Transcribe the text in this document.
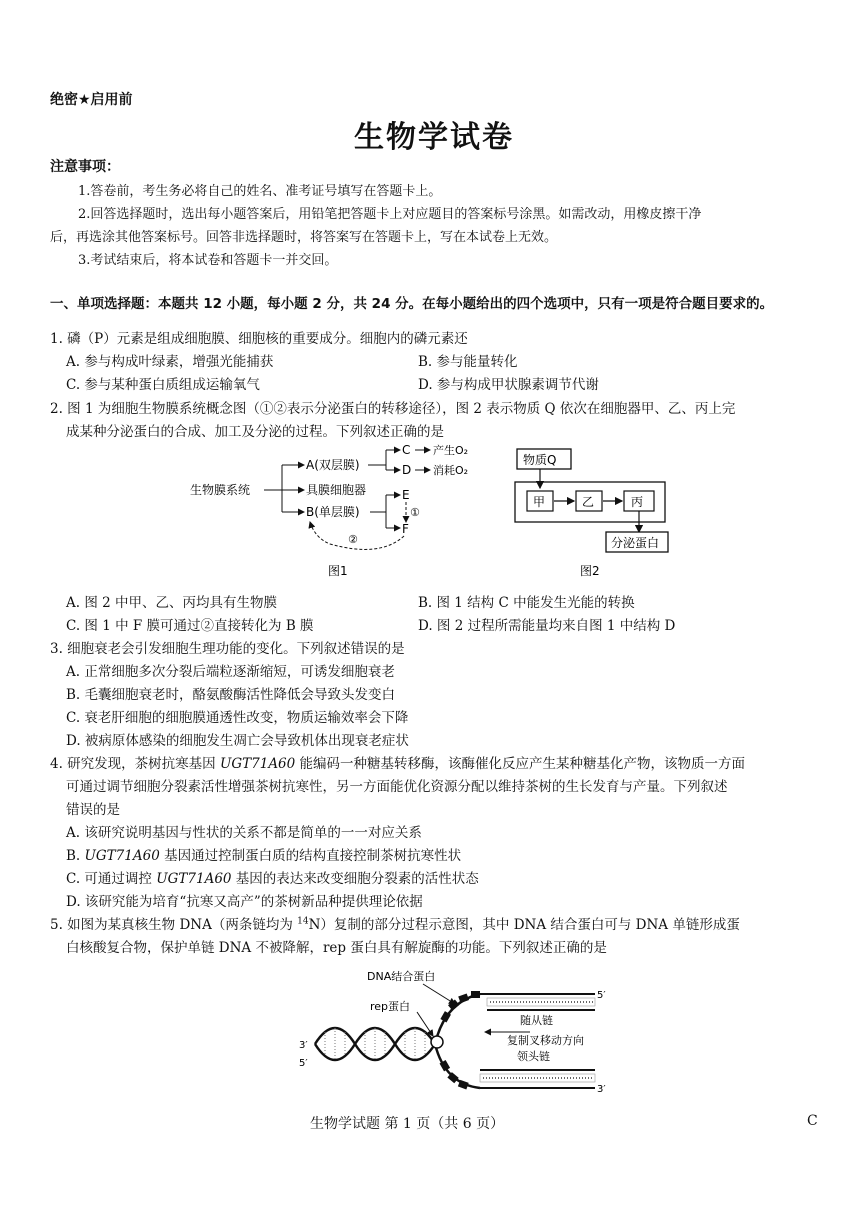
绝密★启用前
生物学试卷
注意事项：
1.答卷前，考生务必将自己的姓名、准考证号填写在答题卡上。
2.回答选择题时，选出每小题答案后，用铅笔把答题卡上对应题目的答案标号涂黑。如需改动，用橡皮擦干净
后，再选涂其他答案标号。回答非选择题时，将答案写在答题卡上，写在本试卷上无效。
3.考试结束后，将本试卷和答题卡一并交回。
一、单项选择题：本题共 12 小题，每小题 2 分，共 24 分。在每小题给出的四个选项中，只有一项是符合题目要求的。
1. 磷（P）元素是组成细胞膜、细胞核的重要成分。细胞内的磷元素还
A. 参与构成叶绿素，增强光能捕获	B. 参与能量转化
C. 参与某种蛋白质组成运输氧气	D. 参与构成甲状腺素调节代谢
2. 图 1 为细胞生物膜系统概念图（①②表示分泌蛋白的转移途径），图 2 表示物质 Q 依次在细胞器甲、乙、丙上完
成某种分泌蛋白的合成、加工及分泌的过程。下列叙述正确的是
生物膜系统
A(双层膜)
具膜细胞器
B(单层膜)
C
D
产生O₂
消耗O₂
E
F
①
②
图1
物质Q
甲	乙	丙
分泌蛋白
图2
A. 图 2 中甲、乙、丙均具有生物膜	B. 图 1 结构 C 中能发生光能的转换
C. 图 1 中 F 膜可通过②直接转化为 B 膜	D. 图 2 过程所需能量均来自图 1 中结构 D
3. 细胞衰老会引发细胞生理功能的变化。下列叙述错误的是
A. 正常细胞多次分裂后端粒逐渐缩短，可诱发细胞衰老
B. 毛囊细胞衰老时，酪氨酸酶活性降低会导致头发变白
C. 衰老肝细胞的细胞膜通透性改变，物质运输效率会下降
D. 被病原体感染的细胞发生凋亡会导致机体出现衰老症状
4. 研究发现，茶树抗寒基因 UGT71A60 能编码一种糖基转移酶，该酶催化反应产生某种糖基化产物，该物质一方面
可通过调节细胞分裂素活性增强茶树抗寒性，另一方面能优化资源分配以维持茶树的生长发育与产量。下列叙述
错误的是
A. 该研究说明基因与性状的关系不都是简单的一一对应关系
B. UGT71A60 基因通过控制蛋白质的结构直接控制茶树抗寒性状
C. 可通过调控 UGT71A60 基因的表达来改变细胞分裂素的活性状态
D. 该研究能为培育“抗寒又高产”的茶树新品种提供理论依据
5. 如图为某真核生物 DNA（两条链均为 $^{14}$N）复制的部分过程示意图，其中 DNA 结合蛋白可与 DNA 单链形成蛋
白核酸复合物，保护单链 DNA 不被降解，rep 蛋白具有解旋酶的功能。下列叙述正确的是
3′
5′
5′
随从链
复制叉移动方向
领头链
3′
DNA结合蛋白
rep蛋白
生物学试题 第 1 页（共 6 页）	C
